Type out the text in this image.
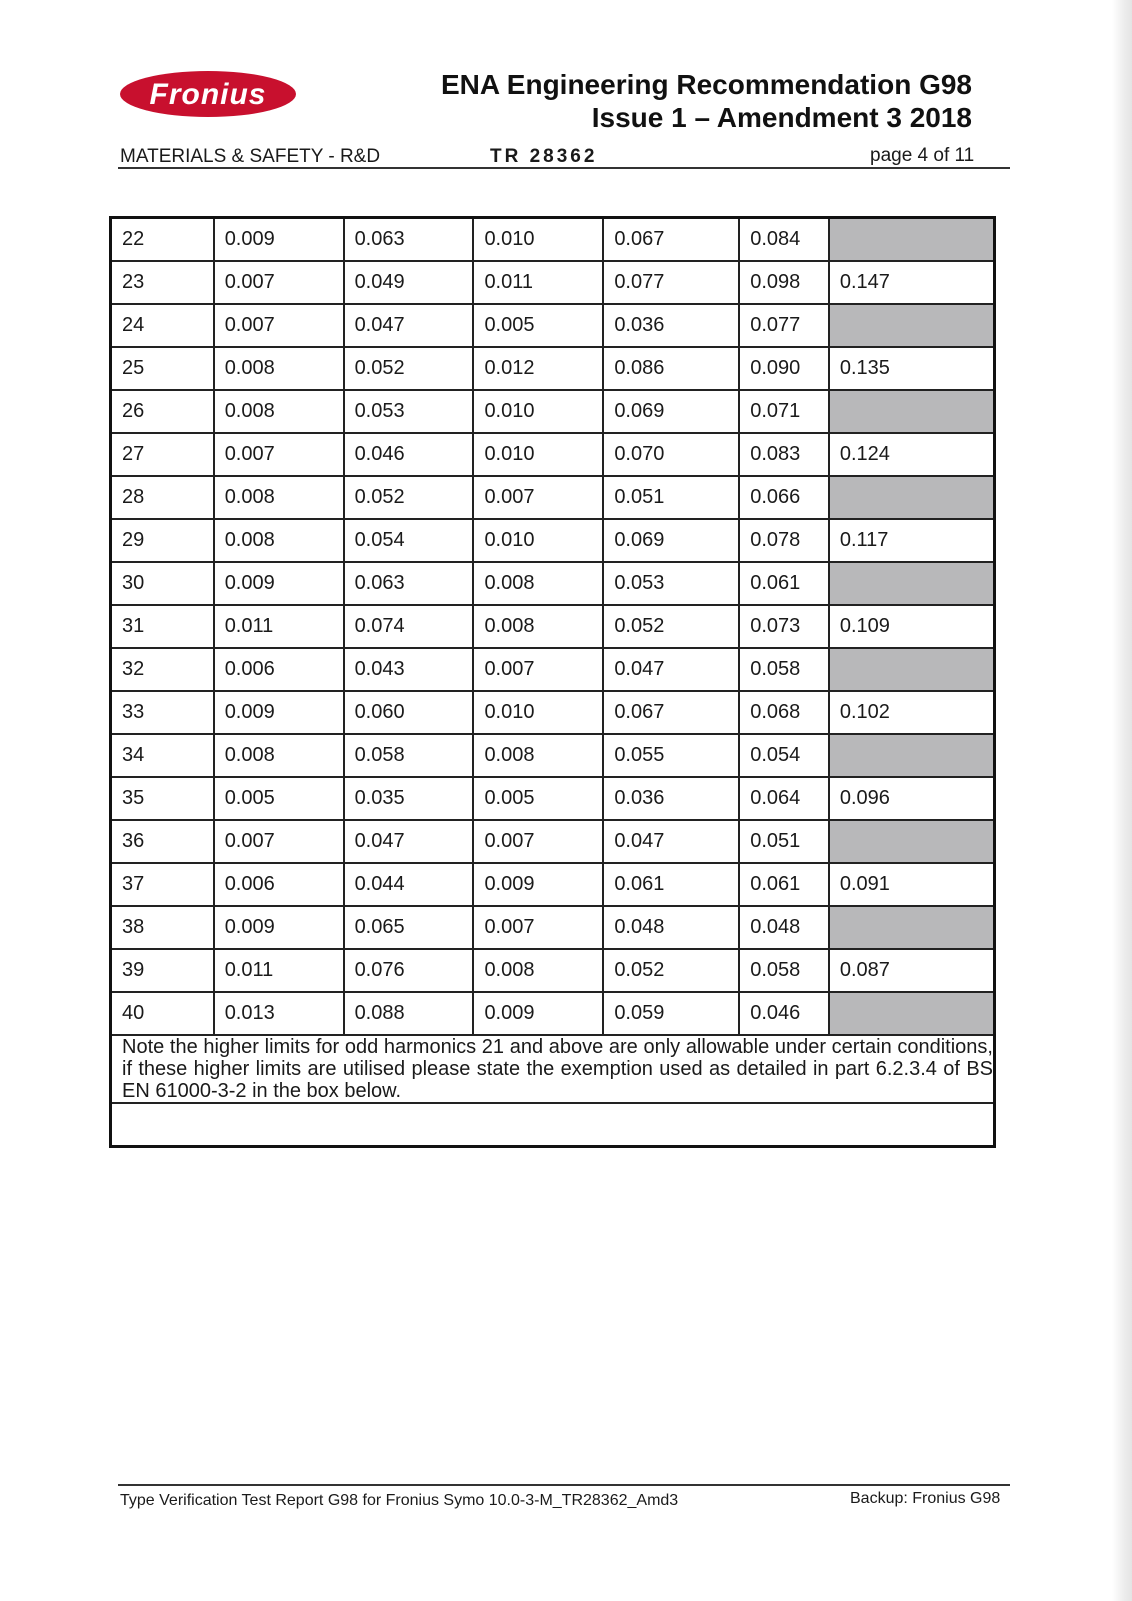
Fronius	ENA Engineering Recommendation G98
Issue 1 – Amendment 3 2018
MATERIALS & SAFETY - R&D	TR 28362	page 4 of 11
22	0.009	0.063	0.010	0.067	0.084	
23	0.007	0.049	0.011	0.077	0.098	0.147
24	0.007	0.047	0.005	0.036	0.077	
25	0.008	0.052	0.012	0.086	0.090	0.135
26	0.008	0.053	0.010	0.069	0.071	
27	0.007	0.046	0.010	0.070	0.083	0.124
28	0.008	0.052	0.007	0.051	0.066	
29	0.008	0.054	0.010	0.069	0.078	0.117
30	0.009	0.063	0.008	0.053	0.061	
31	0.011	0.074	0.008	0.052	0.073	0.109
32	0.006	0.043	0.007	0.047	0.058	
33	0.009	0.060	0.010	0.067	0.068	0.102
34	0.008	0.058	0.008	0.055	0.054	
35	0.005	0.035	0.005	0.036	0.064	0.096
36	0.007	0.047	0.007	0.047	0.051	
37	0.006	0.044	0.009	0.061	0.061	0.091
38	0.009	0.065	0.007	0.048	0.048	
39	0.011	0.076	0.008	0.052	0.058	0.087
40	0.013	0.088	0.009	0.059	0.046	
Note the higher limits for odd harmonics 21 and above are only allowable under certain conditions, if these higher limits are utilised please state the exemption used as detailed in part 6.2.3.4 of BS EN 61000-3-2 in the box below.						

Type Verification Test Report G98 for Fronius Symo 10.0-3-M_TR28362_Amd3	Backup: Fronius G98
